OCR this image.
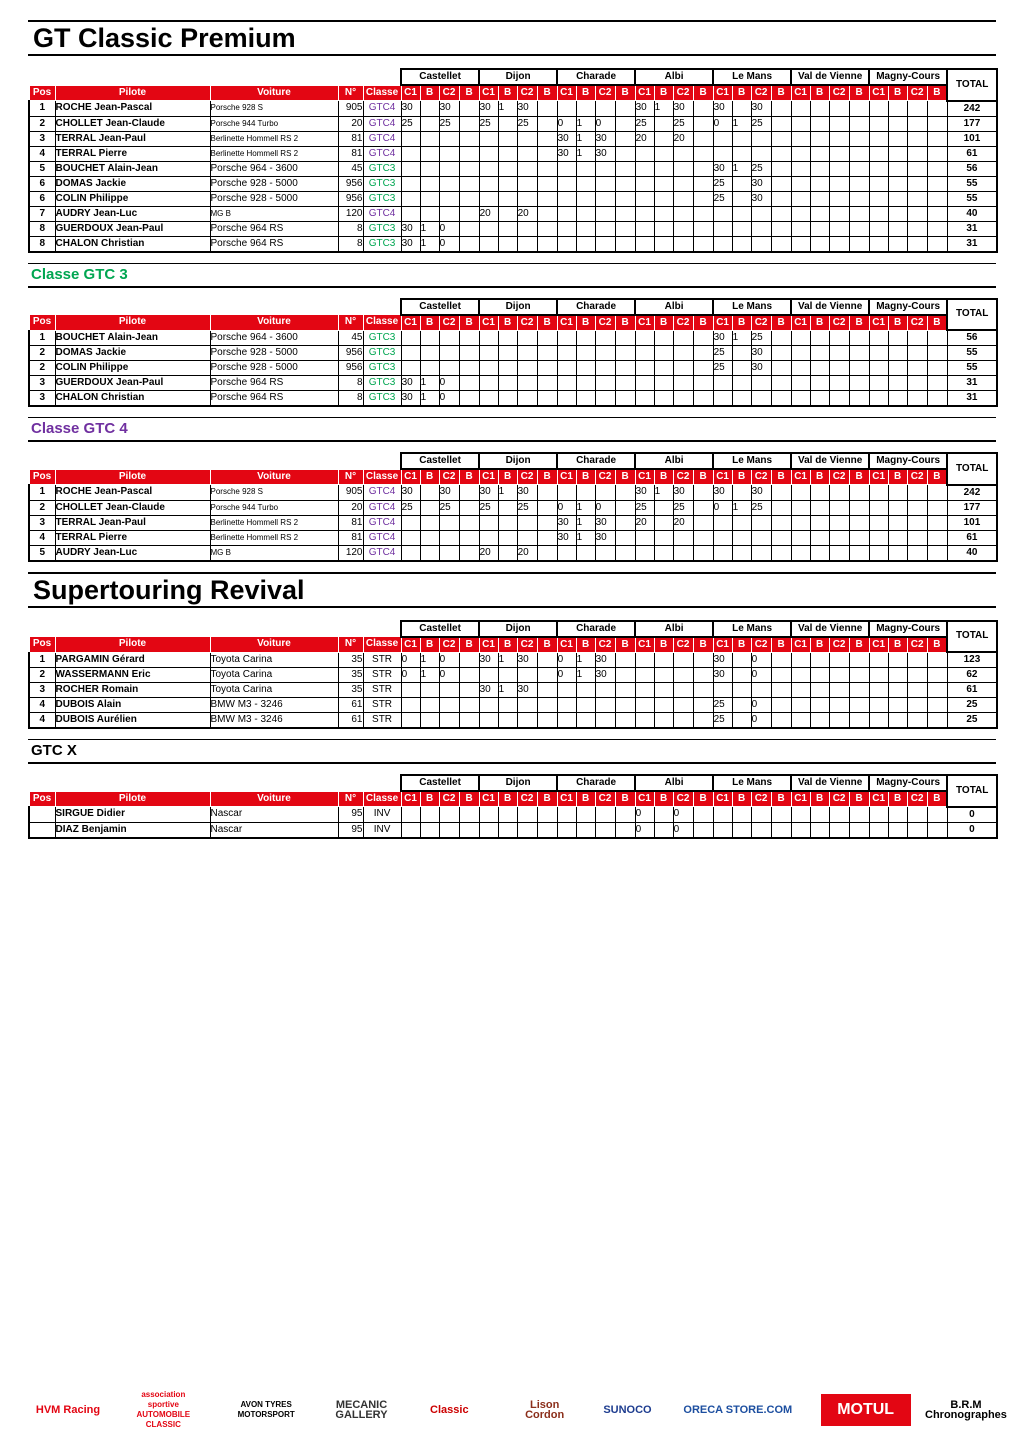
GT Classic Premium
					Castellet				Dijon				Charade				Albi				Le Mans				Val de Vienne				Magny-Cours				TOTAL
Pos	Pilote	Voiture	N°	Classe	C1	B	C2	B	C1	B	C2	B	C1	B	C2	B	C1	B	C2	B	C1	B	C2	B	C1	B	C2	B	C1	B	C2	B	
1	ROCHE Jean-Pascal	Porsche 928 S	905	GTC4	30		30		30	1	30						30	1	30		30		30										242
2	CHOLLET Jean-Claude	Porsche 944 Turbo	20	GTC4	25		25		25		25		0	1	0		25		25		0	1	25										177
3	TERRAL Jean-Paul	Berlinette Hommell RS 2	81	GTC4									30	1	30		20		20														101
4	TERRAL Pierre	Berlinette Hommell RS 2	81	GTC4									30	1	30																		61
5	BOUCHET Alain-Jean	Porsche 964 - 3600	45	GTC3																	30	1	25										56
6	DOMAS Jackie	Porsche 928 - 5000	956	GTC3																	25		30										55
6	COLIN Philippe	Porsche 928 - 5000	956	GTC3																	25		30										55
7	AUDRY Jean-Luc	MG B	120	GTC4					20		20																						40
8	GUERDOUX Jean-Paul	Porsche 964 RS	8	GTC3	30	1	0																										31
8	CHALON Christian	Porsche 964 RS	8	GTC3	30	1	0																										31
Classe GTC 3
					Castellet				Dijon				Charade				Albi				Le Mans				Val de Vienne				Magny-Cours				TOTAL
Pos	Pilote	Voiture	N°	Classe	C1	B	C2	B	C1	B	C2	B	C1	B	C2	B	C1	B	C2	B	C1	B	C2	B	C1	B	C2	B	C1	B	C2	B	
1	BOUCHET Alain-Jean	Porsche 964 - 3600	45	GTC3																	30	1	25										56
2	DOMAS Jackie	Porsche 928 - 5000	956	GTC3																	25		30										55
2	COLIN Philippe	Porsche 928 - 5000	956	GTC3																	25		30										55
3	GUERDOUX Jean-Paul	Porsche 964 RS	8	GTC3	30	1	0																										31
3	CHALON Christian	Porsche 964 RS	8	GTC3	30	1	0																										31
Classe GTC 4
					Castellet				Dijon				Charade				Albi				Le Mans				Val de Vienne				Magny-Cours				TOTAL
Pos	Pilote	Voiture	N°	Classe	C1	B	C2	B	C1	B	C2	B	C1	B	C2	B	C1	B	C2	B	C1	B	C2	B	C1	B	C2	B	C1	B	C2	B	
1	ROCHE Jean-Pascal	Porsche 928 S	905	GTC4	30		30		30	1	30						30	1	30		30		30										242
2	CHOLLET Jean-Claude	Porsche 944 Turbo	20	GTC4	25		25		25		25		0	1	0		25		25		0	1	25										177
3	TERRAL Jean-Paul	Berlinette Hommell RS 2	81	GTC4									30	1	30		20		20														101
4	TERRAL Pierre	Berlinette Hommell RS 2	81	GTC4									30	1	30																		61
5	AUDRY Jean-Luc	MG B	120	GTC4					20		20																						40
Supertouring Revival
					Castellet				Dijon				Charade				Albi				Le Mans				Val de Vienne				Magny-Cours				TOTAL
Pos	Pilote	Voiture	N°	Classe	C1	B	C2	B	C1	B	C2	B	C1	B	C2	B	C1	B	C2	B	C1	B	C2	B	C1	B	C2	B	C1	B	C2	B	
1	PARGAMIN Gérard	Toyota Carina	35	STR	0	1	0		30	1	30		0	1	30						30		0										123
2	WASSERMANN Eric	Toyota Carina	35	STR	0	1	0						0	1	30						30		0										62
3	ROCHER Romain	Toyota Carina	35	STR					30	1	30																						61
4	DUBOIS Alain	BMW M3 - 3246	61	STR																	25		0										25
4	DUBOIS Aurélien	BMW M3 - 3246	61	STR																	25		0										25
GTC X
					Castellet				Dijon				Charade				Albi				Le Mans				Val de Vienne				Magny-Cours				TOTAL
Pos	Pilote	Voiture	N°	Classe	C1	B	C2	B	C1	B	C2	B	C1	B	C2	B	C1	B	C2	B	C1	B	C2	B	C1	B	C2	B	C1	B	C2	B	
	SIRGUE Didier	Nascar	95	INV													0		0														0
	DIAZ Benjamin	Nascar	95	INV													0		0														0
HVM Racing
association sportive AUTOMOBILE CLASSIC
AVON TYRES MOTORSPORT
MECANIC GALLERY	Classic	Lison Cordon	SUNOCO	ORECA STORE.COM	MOTUL	B.R.M Chronographes
